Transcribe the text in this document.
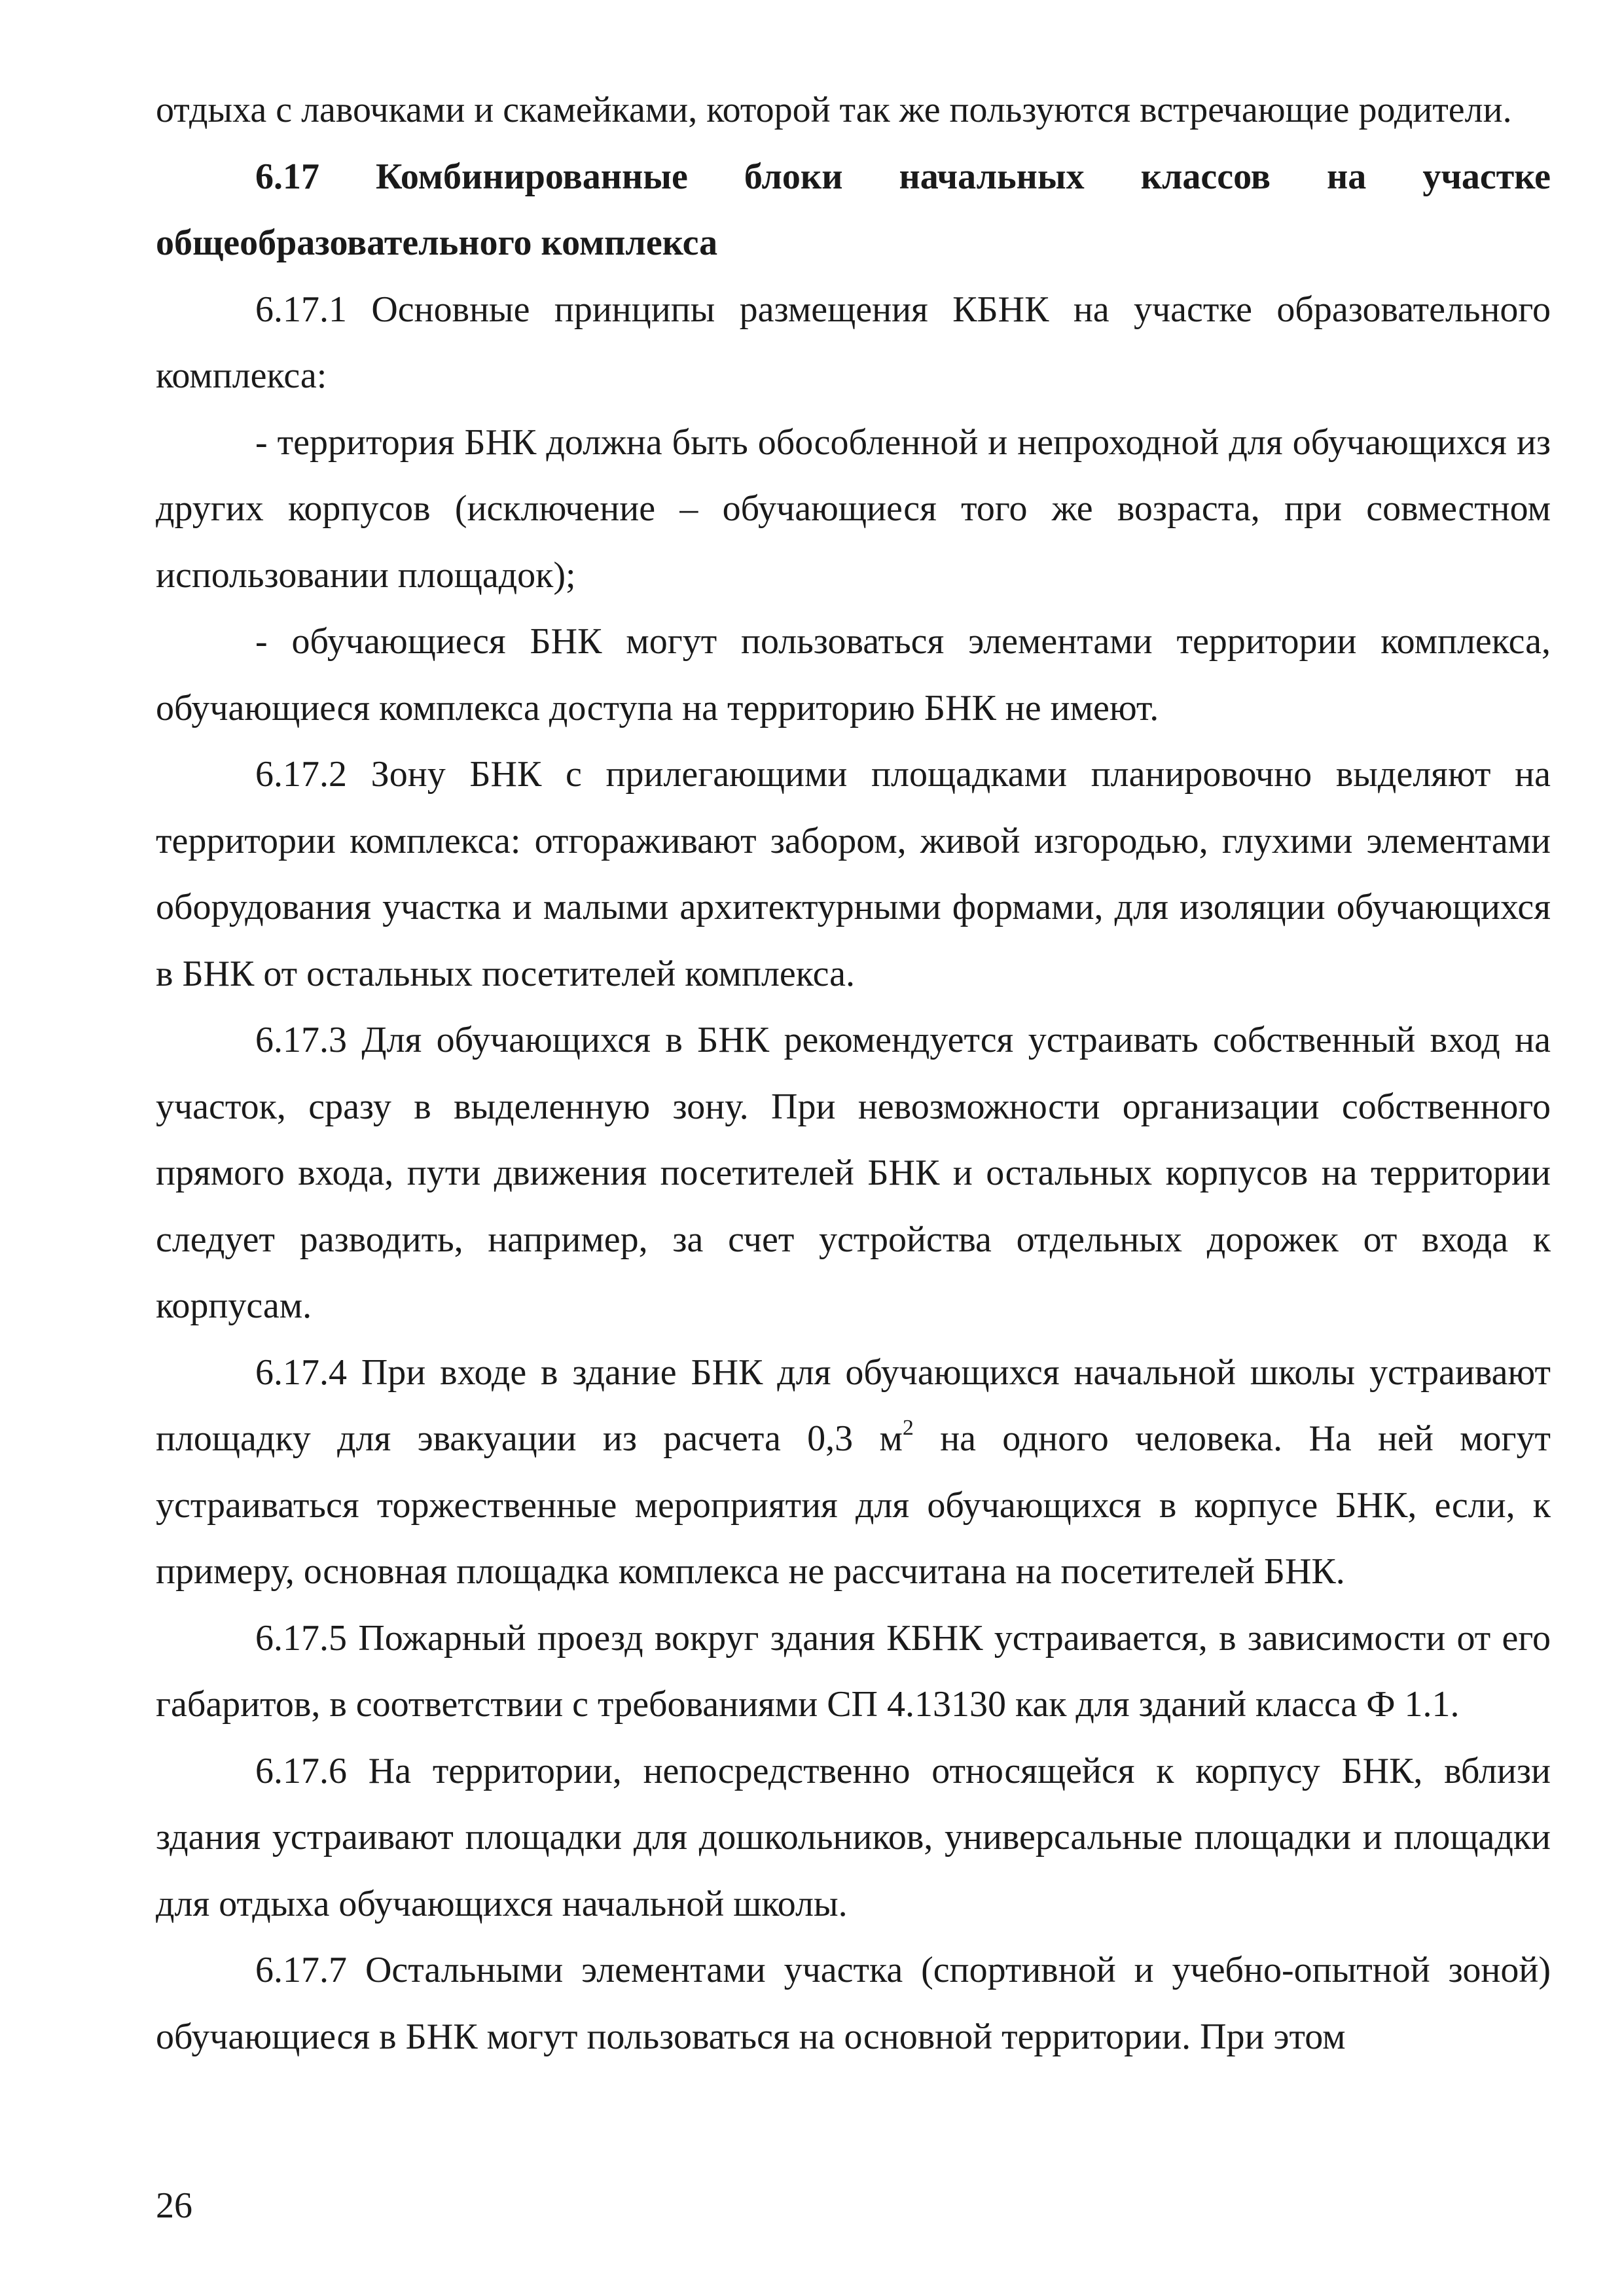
отдыха с лавочками и скамейками, которой так же пользуются встречающие родители.

6.17 Комбинированные блоки начальных классов на участке общеобразовательного комплекса

6.17.1 Основные принципы размещения КБНК на участке образовательного комплекса:

- территория БНК должна быть обособленной и непроходной для обучающихся из других корпусов (исключение – обучающиеся того же возраста, при совместном использовании площадок);

- обучающиеся БНК могут пользоваться элементами территории комплекса, обучающиеся комплекса доступа на территорию БНК не имеют.

6.17.2 Зону БНК с прилегающими площадками планировочно выделяют на территории комплекса: отгораживают забором, живой изгородью, глухими элементами оборудования участка и малыми архитектурными формами, для изоляции обучающихся в БНК от остальных посетителей комплекса.

6.17.3 Для обучающихся в БНК рекомендуется устраивать собственный вход на участок, сразу в выделенную зону. При невозможности организации собственного прямого входа, пути движения посетителей БНК и остальных корпусов на территории следует разводить, например, за счет устройства отдельных дорожек от входа к корпусам.

6.17.4 При входе в здание БНК для обучающихся начальной школы устраивают площадку для эвакуации из расчета 0,3 $м^2$ на одного человека. На ней могут устраиваться торжественные мероприятия для обучающихся в корпусе БНК, если, к примеру, основная площадка комплекса не рассчитана на посетителей БНК.

6.17.5 Пожарный проезд вокруг здания КБНК устраивается, в зависимости от его габаритов, в соответствии с требованиями СП 4.13130 как для зданий класса Ф 1.1.

6.17.6 На территории, непосредственно относящейся к корпусу БНК, вблизи здания устраивают площадки для дошкольников, универсальные площадки и площадки для отдыха обучающихся начальной школы.

6.17.7 Остальными элементами участка (спортивной и учебно-опытной зоной) обучающиеся в БНК могут пользоваться на основной территории. При этом

26
